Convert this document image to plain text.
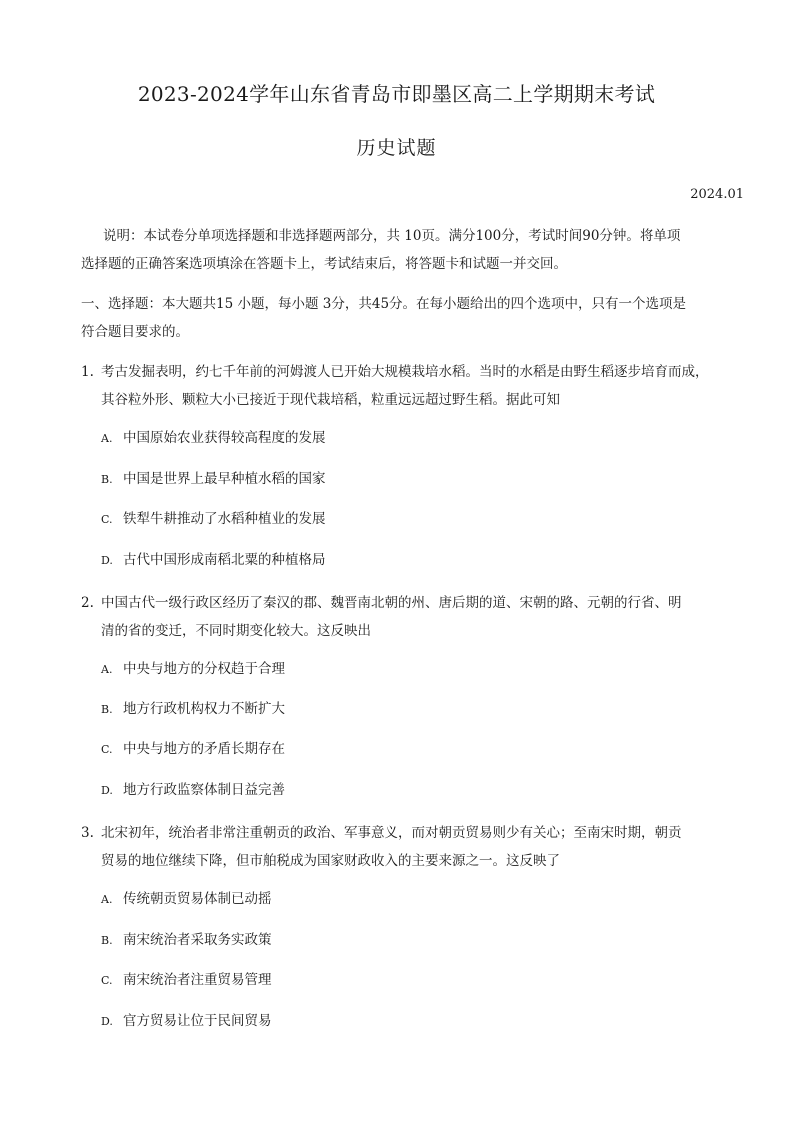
2023-2024学年山东省青岛市即墨区高二上学期期末考试
历史试题
2024.01
说明：本试卷分单项选择题和非选择题两部分，共 10页。满分100分，考试时间90分钟。将单项
选择题的正确答案选项填涂在答题卡上，考试结束后，将答题卡和试题一并交回。
一、选择题：本大题共15 小题，每小题 3分，共45分。在每小题给出的四个选项中，只有一个选项是
符合题目要求的。
1. 考古发掘表明，约七千年前的河姆渡人已开始大规模栽培水稻。当时的水稻是由野生稻逐步培育而成，
其谷粒外形、颗粒大小已接近于现代栽培稻，粒重远远超过野生稻。据此可知
A. 中国原始农业获得较高程度的发展
B. 中国是世界上最早种植水稻的国家
C. 铁犁牛耕推动了水稻种植业的发展
D. 古代中国形成南稻北粟的种植格局
2. 中国古代一级行政区经历了秦汉的郡、魏晋南北朝的州、唐后期的道、宋朝的路、元朝的行省、明
清的省的变迁，不同时期变化较大。这反映出
A. 中央与地方的分权趋于合理
B. 地方行政机构权力不断扩大
C. 中央与地方的矛盾长期存在
D. 地方行政监察体制日益完善
3. 北宋初年，统治者非常注重朝贡的政治、军事意义，而对朝贡贸易则少有关心；至南宋时期，朝贡
贸易的地位继续下降，但市舶税成为国家财政收入的主要来源之一。这反映了
A. 传统朝贡贸易体制已动摇
B. 南宋统治者采取务实政策
C. 南宋统治者注重贸易管理
D. 官方贸易让位于民间贸易
